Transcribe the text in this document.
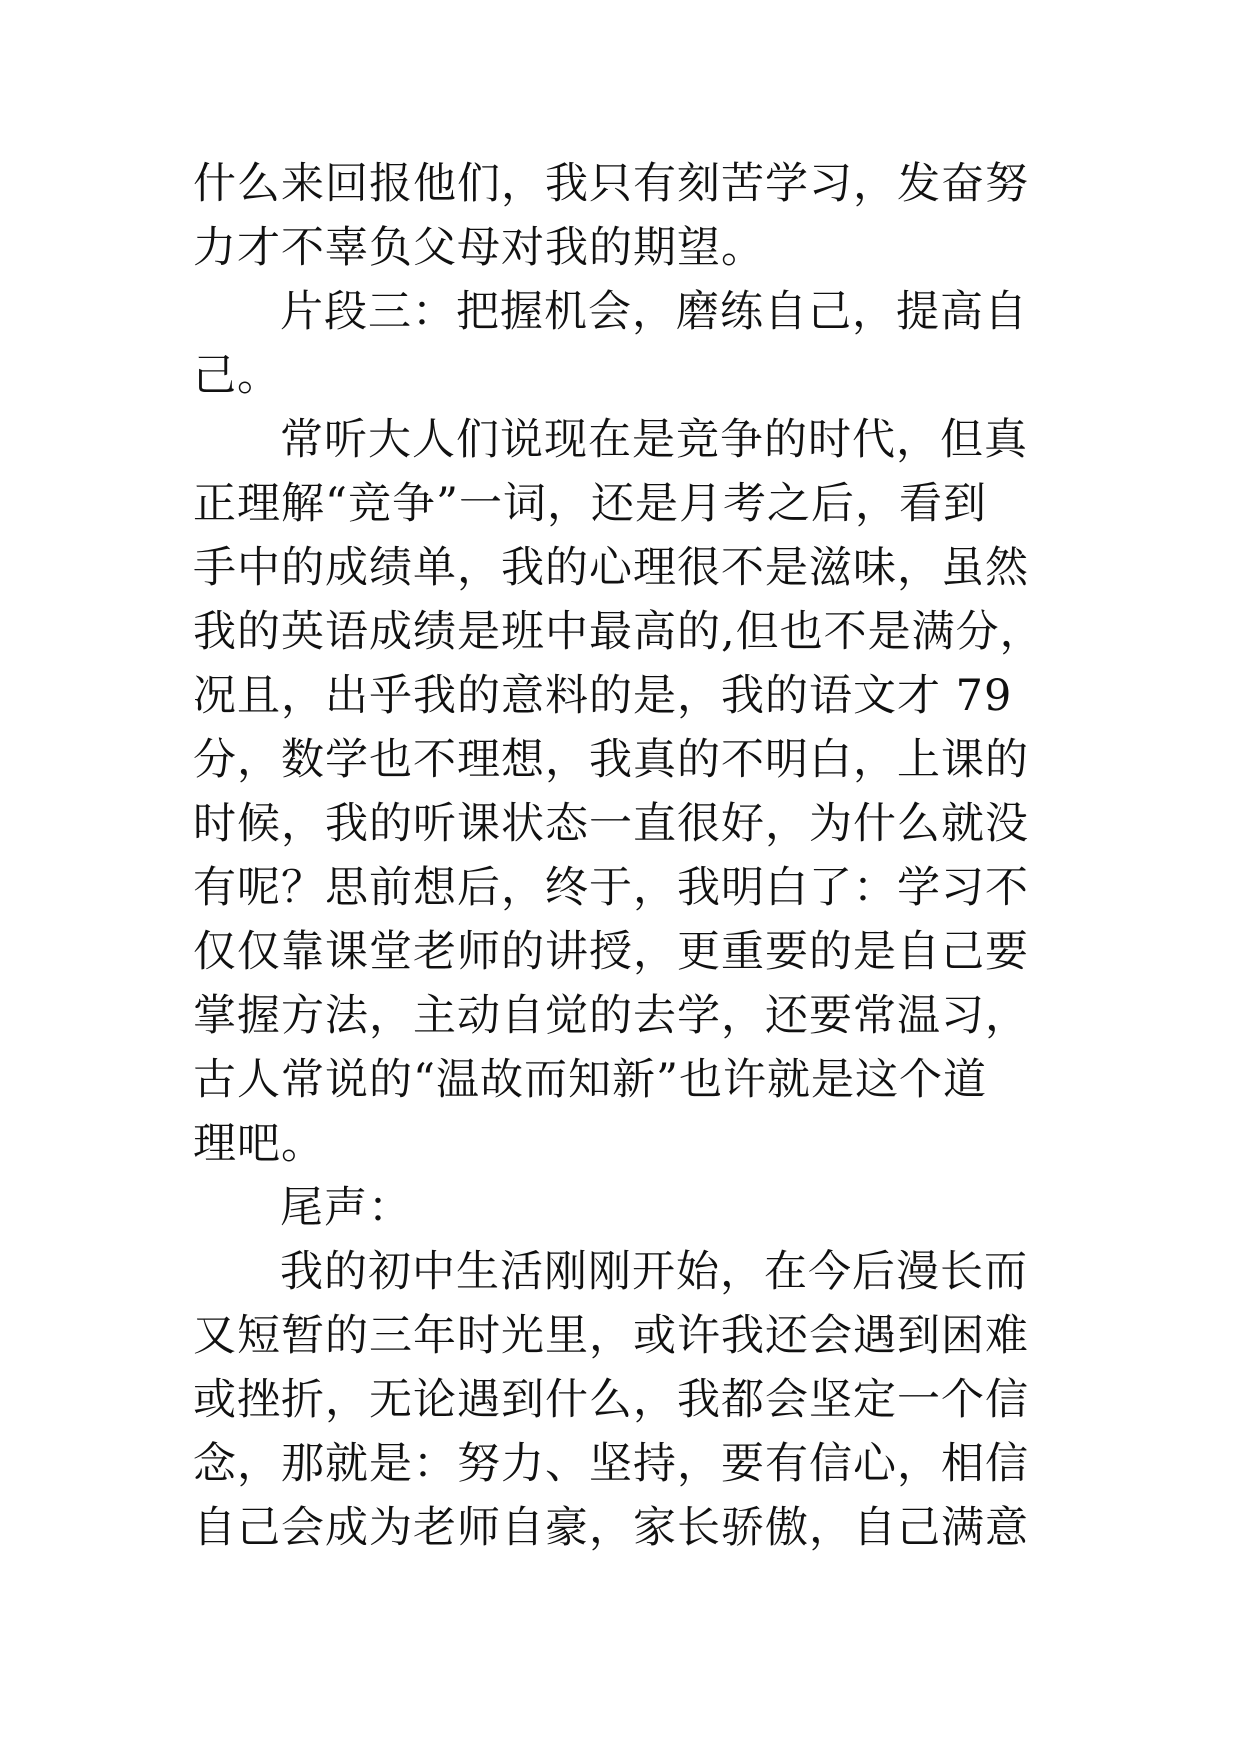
什么来回报他们，我只有刻苦学习，发奋努
力才不辜负父母对我的期望。
片段三：把握机会，磨练自己，提高自
己。
常听大人们说现在是竞争的时代，但真
正理解“竞争”一词，还是月考之后，看到
手中的成绩单，我的心理很不是滋味，虽然
我的英语成绩是班中最高的,但也不是满分，
况且，出乎我的意料的是，我的语文才 79
分，数学也不理想，我真的不明白，上课的
时候，我的听课状态一直很好，为什么就没
有呢？思前想后，终于，我明白了：学习不
仅仅靠课堂老师的讲授，更重要的是自己要
掌握方法，主动自觉的去学，还要常温习，
古人常说的“温故而知新”也许就是这个道
理吧。
尾声：
我的初中生活刚刚开始，在今后漫长而
又短暂的三年时光里，或许我还会遇到困难
或挫折，无论遇到什么，我都会坚定一个信
念，那就是：努力、坚持，要有信心，相信
自己会成为老师自豪，家长骄傲，自己满意
